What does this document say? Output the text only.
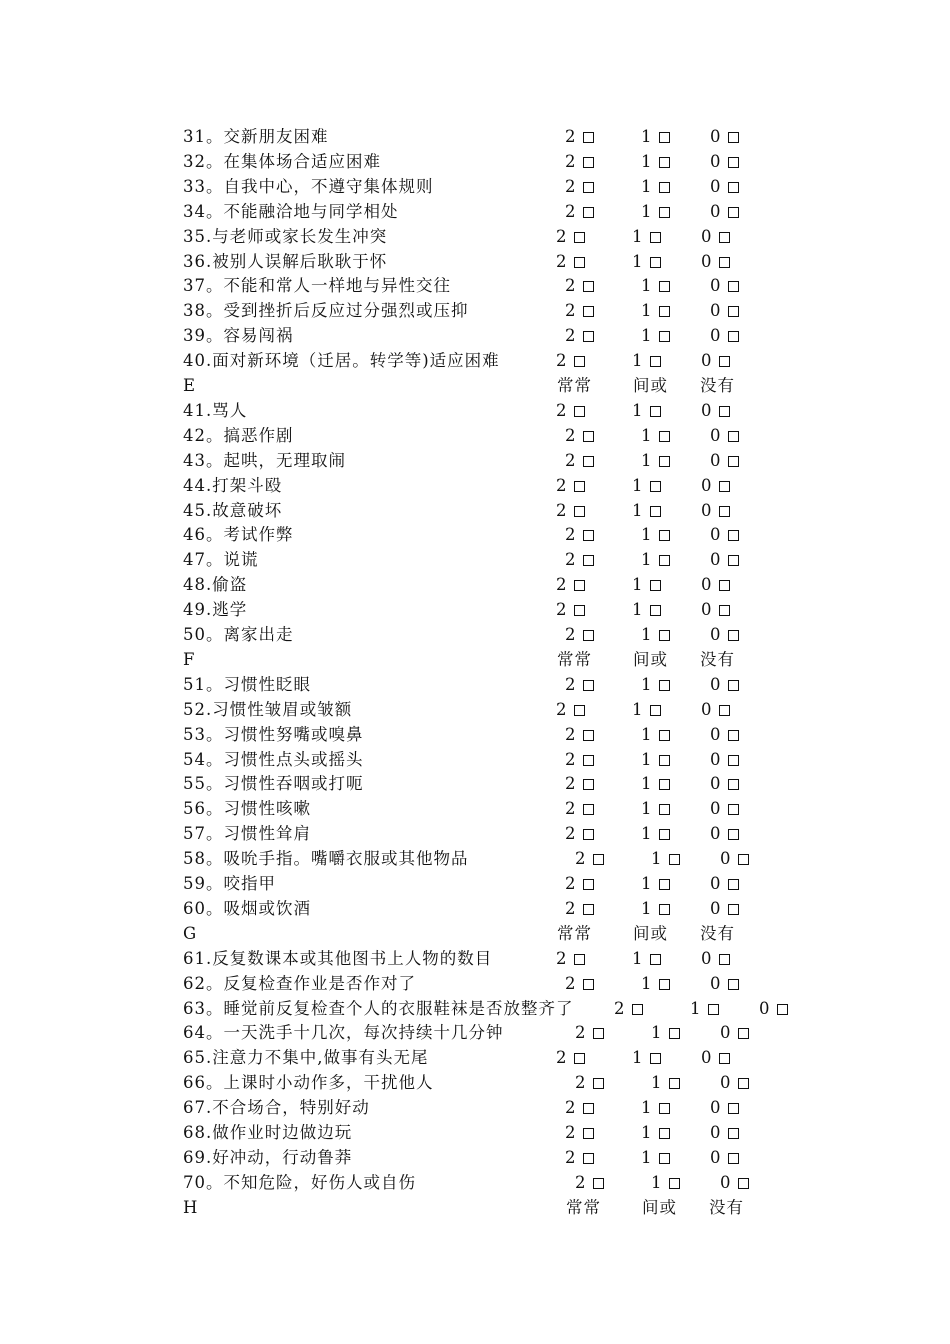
31。交新朋友困难	2	1	0
32。在集体场合适应困难	2	1	0
33。自我中心，不遵守集体规则	2	1	0
34。不能融洽地与同学相处	2	1	0
35.与老师或家长发生冲突	2	1	0
36.被别人误解后耿耿于怀	2	1	0
37。不能和常人一样地与异性交往	2	1	0
38。受到挫折后反应过分强烈或压抑	2	1	0
39。容易闯祸	2	1	0
40.面对新环境（迁居。转学等)适应困难	2	1	0
E	常常 间或 没有
41.骂人	2	1	0
42。搞恶作剧	2	1	0
43。起哄，无理取闹	2	1	0
44.打架斗殴	2	1	0
45.故意破坏	2	1	0
46。考试作弊	2	1	0
47。说谎	2	1	0
48.偷盗	2	1	0
49.逃学	2	1	0
50。离家出走	2	1	0
F	常常 间或 没有
51。习惯性眨眼	2	1	0
52.习惯性皱眉或皱额	2	1	0
53。习惯性努嘴或嗅鼻	2	1	0
54。习惯性点头或摇头	2	1	0
55。习惯性吞咽或打呃	2	1	0
56。习惯性咳嗽	2	1	0
57。习惯性耸肩	2	1	0
58。吸吮手指。嘴嚼衣服或其他物品	2	1	0
59。咬指甲	2	1	0
60。吸烟或饮酒	2	1	0
G	常常 间或 没有
61.反复数课本或其他图书上人物的数目	2	1	0
62。反复检查作业是否作对了	2	1	0
63。睡觉前反复检查个人的衣服鞋袜是否放整齐了 2	1	0
64。一天洗手十几次，每次持续十几分钟	2	1	0
65.注意力不集中,做事有头无尾	2	1	0
66。上课时小动作多，干扰他人	2	1	0
67.不合场合，特别好动	2	1	0
68.做作业时边做边玩	2	1	0
69.好冲动，行动鲁莽	2	1	0
70。不知危险，好伤人或自伤	2	1	0
H	常常 间或 没有
